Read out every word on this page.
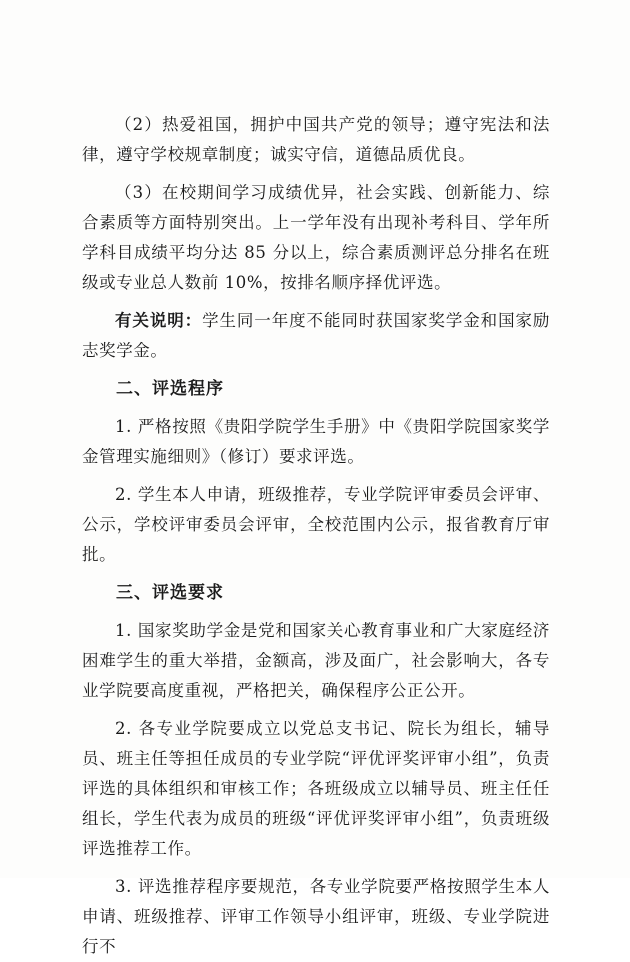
（2）热爱祖国，拥护中国共产党的领导；遵守宪法和法律，遵守学校规章制度；诚实守信，道德品质优良。

（3）在校期间学习成绩优异，社会实践、创新能力、综合素质等方面特别突出。上一学年没有出现补考科目、学年所学科目成绩平均分达 85 分以上，综合素质测评总分排名在班级或专业总人数前 10%，按排名顺序择优评选。

有关说明：学生同一年度不能同时获国家奖学金和国家励志奖学金。

二、评选程序

1. 严格按照《贵阳学院学生手册》中《贵阳学院国家奖学金管理实施细则》（修订）要求评选。

2. 学生本人申请，班级推荐，专业学院评审委员会评审、公示，学校评审委员会评审，全校范围内公示，报省教育厅审批。

三、评选要求

1. 国家奖助学金是党和国家关心教育事业和广大家庭经济困难学生的重大举措，金额高，涉及面广，社会影响大，各专业学院要高度重视，严格把关，确保程序公正公开。

2. 各专业学院要成立以党总支书记、院长为组长，辅导员、班主任等担任成员的专业学院“评优评奖评审小组”，负责评选的具体组织和审核工作；各班级成立以辅导员、班主任任组长，学生代表为成员的班级“评优评奖评审小组”，负责班级评选推荐工作。

3. 评选推荐程序要规范，各专业学院要严格按照学生本人申请、班级推荐、评审工作领导小组评审，班级、专业学院进行不
